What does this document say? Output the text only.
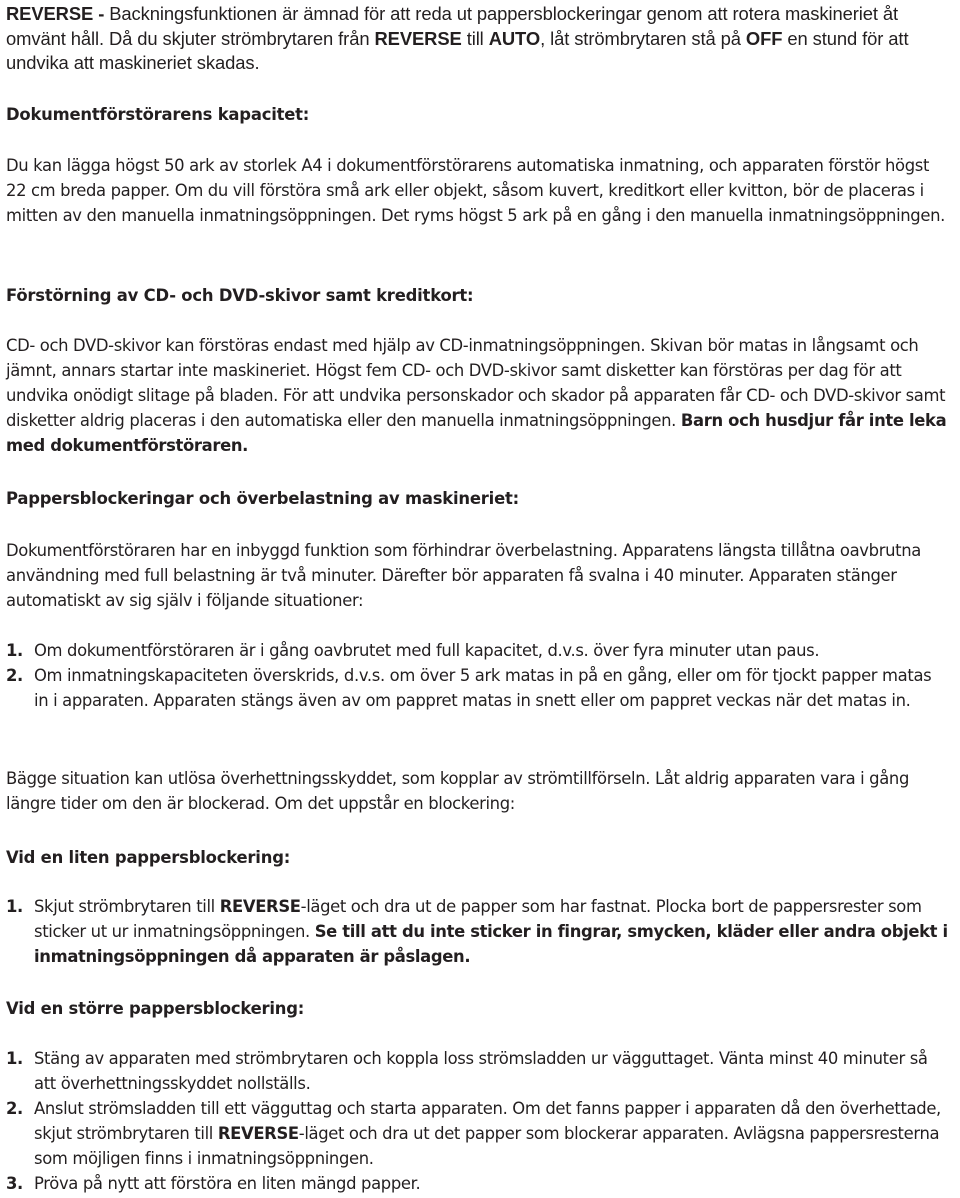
REVERSE - Backningsfunktionen är ämnad för att reda ut pappersblockeringar genom att rotera maskineriet åt omvänt håll. Då du skjuter strömbrytaren från REVERSE till AUTO, låt strömbrytaren stå på OFF en stund för att undvika att maskineriet skadas.

Dokumentförstörarens kapacitet:

Du kan lägga högst 50 ark av storlek A4 i dokumentförstörarens automatiska inmatning, och apparaten förstör högst 22 cm breda papper. Om du vill förstöra små ark eller objekt, såsom kuvert, kreditkort eller kvitton, bör de placeras i mitten av den manuella inmatningsöppningen. Det ryms högst 5 ark på en gång i den manuella inmatningsöppningen.

Förstörning av CD- och DVD-skivor samt kreditkort:

CD- och DVD-skivor kan förstöras endast med hjälp av CD-inmatningsöppningen. Skivan bör matas in långsamt och jämnt, annars startar inte maskineriet. Högst fem CD- och DVD-skivor samt disketter kan förstöras per dag för att undvika onödigt slitage på bladen. För att undvika personskador och skador på apparaten får CD- och DVD-skivor samt disketter aldrig placeras i den automatiska eller den manuella inmatningsöppningen. Barn och husdjur får inte leka med dokumentförstöraren.

Pappersblockeringar och överbelastning av maskineriet:

Dokumentförstöraren har en inbyggd funktion som förhindrar överbelastning. Apparatens längsta tillåtna oavbrutna användning med full belastning är två minuter. Därefter bör apparaten få svalna i 40 minuter. Apparaten stänger automatiskt av sig själv i följande situationer:

1. Om dokumentförstöraren är i gång oavbrutet med full kapacitet, d.v.s. över fyra minuter utan paus.
2. Om inmatningskapaciteten överskrids, d.v.s. om över 5 ark matas in på en gång, eller om för tjockt papper matas in i apparaten. Apparaten stängs även av om pappret matas in snett eller om pappret veckas när det matas in.

Bägge situation kan utlösa överhettningsskyddet, som kopplar av strömtillförseln. Låt aldrig apparaten vara i gång längre tider om den är blockerad. Om det uppstår en blockering:

Vid en liten pappersblockering:
1. Skjut strömbrytaren till REVERSE-läget och dra ut de papper som har fastnat. Plocka bort de pappersrester som sticker ut ur inmatningsöppningen. Se till att du inte sticker in fingrar, smycken, kläder eller andra objekt i inmatningsöppningen då apparaten är påslagen.
Vid en större pappersblockering:
1. Stäng av apparaten med strömbrytaren och koppla loss strömsladden ur vägguttaget. Vänta minst 40 minuter så att överhettningsskyddet nollställs.
2. Anslut strömsladden till ett vägguttag och starta apparaten. Om det fanns papper i apparaten då den överhettade, skjut strömbrytaren till REVERSE-läget och dra ut det papper som blockerar apparaten. Avlägsna pappersresterna som möjligen finns i inmatningsöppningen.
3. Pröva på nytt att förstöra en liten mängd papper.
